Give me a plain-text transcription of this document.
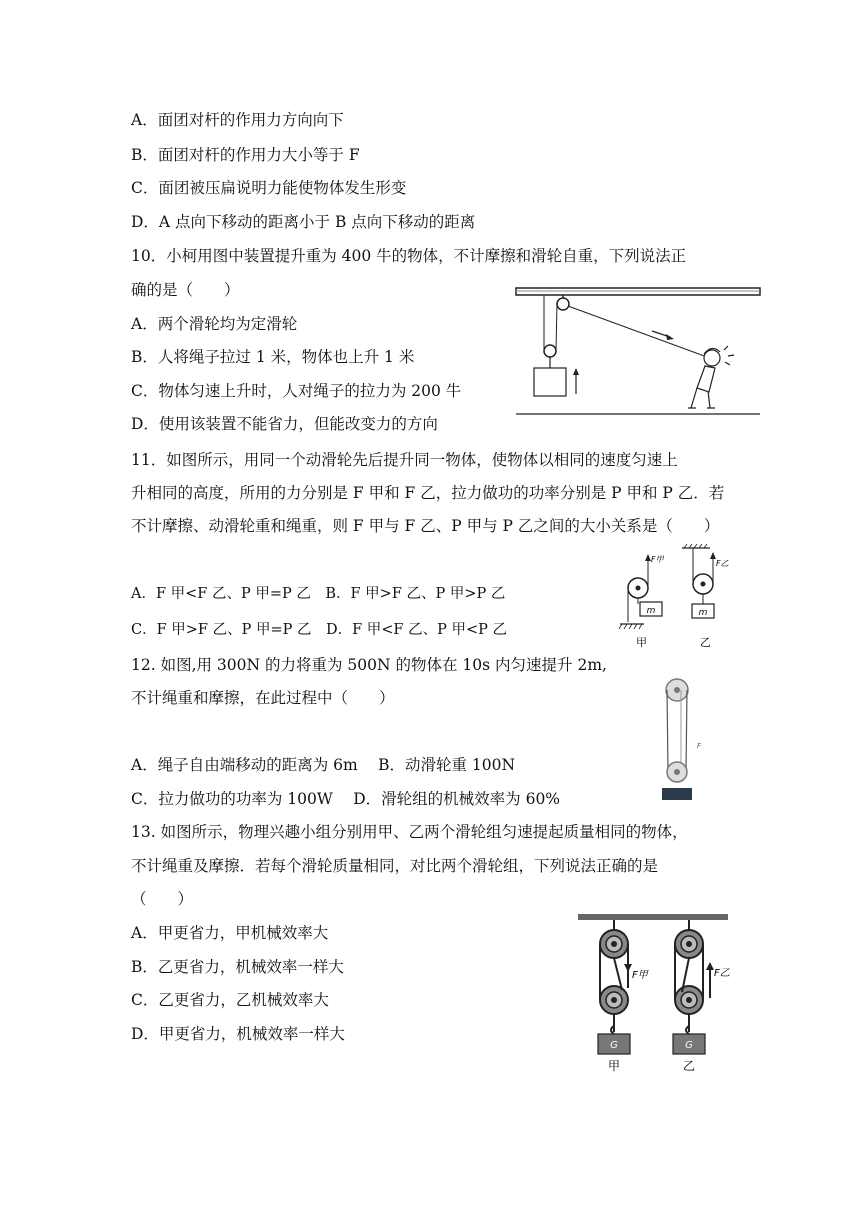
A．面团对杆的作用力方向向下
B．面团对杆的作用力大小等于 F
C．面团被压扁说明力能使物体发生形变
D．A 点向下移动的距离小于 B 点向下移动的距离
10．小柯用图中装置提升重为 400 牛的物体，不计摩擦和滑轮自重，下列说法正
确的是（　　）
A．两个滑轮均为定滑轮
B．人将绳子拉过 1 米，物体也上升 1 米
C．物体匀速上升时，人对绳子的拉力为 200 牛
D．使用该装置不能省力，但能改变力的方向
11．如图所示，用同一个动滑轮先后提升同一物体，使物体以相同的速度匀速上
升相同的高度，所用的力分别是 F 甲和 F 乙，拉力做功的功率分别是 P 甲和 P 乙．若
不计摩擦、动滑轮重和绳重，则 F 甲与 F 乙、P 甲与 P 乙之间的大小关系是（　　）
A．F 甲<F 乙、P 甲=P 乙　B．F 甲>F 乙、P 甲>P 乙
C．F 甲>F 乙、P 甲=P 乙　D．F 甲<F 乙、P 甲<P 乙
m
F甲
甲
m
F乙
乙
12. 如图,用 300N 的力将重为 500N 的物体在 10s 内匀速提升 2m,
不计绳重和摩擦，在此过程中（　　）
A．绳子自由端移动的距离为 6m　 B．动滑轮重 100N
C．拉力做功的功率为 100W　 D．滑轮组的机械效率为 60%
F
13. 如图所示，物理兴趣小组分别用甲、乙两个滑轮组匀速提起质量相同的物体，
不计绳重及摩擦．若每个滑轮质量相同，对比两个滑轮组，下列说法正确的是
（　　）
A．甲更省力，甲机械效率大
B．乙更省力，机械效率一样大
C．乙更省力，乙机械效率大
D．甲更省力，机械效率一样大
F甲
G
甲
F乙
G
乙
